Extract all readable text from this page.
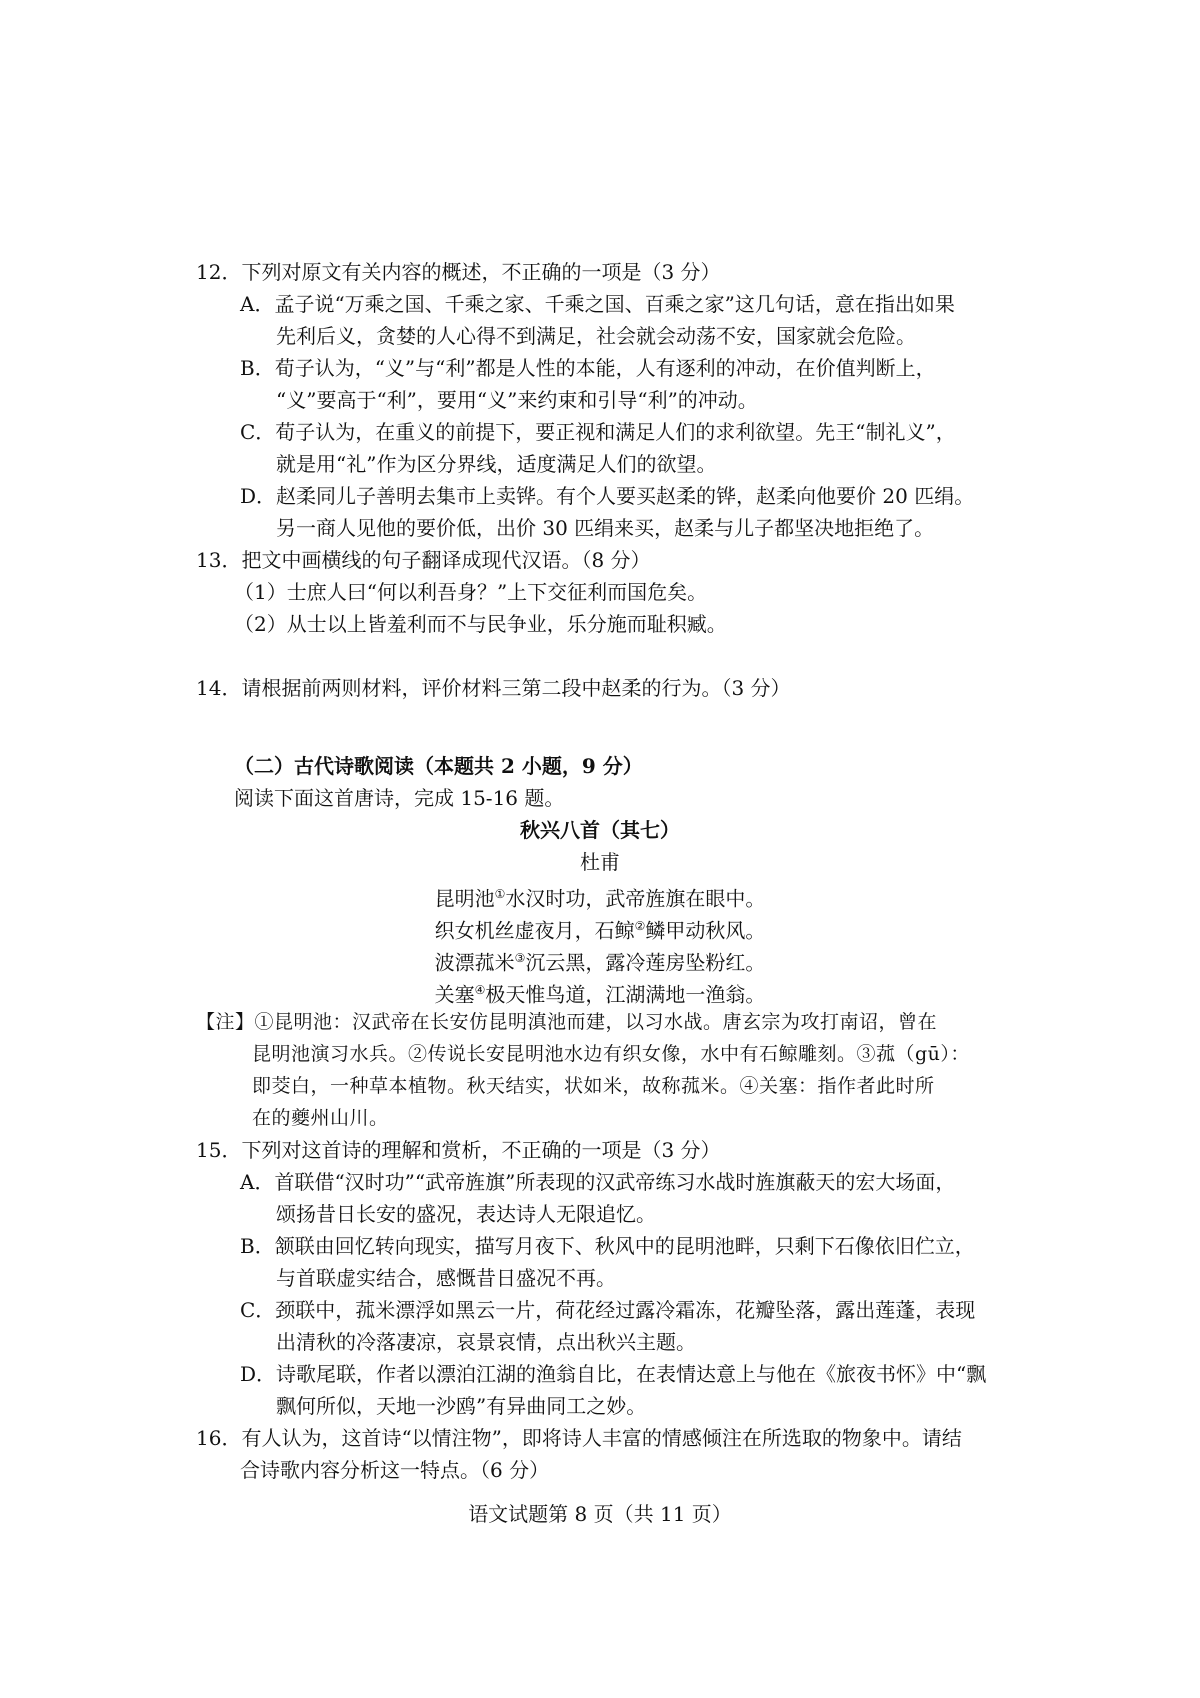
12．下列对原文有关内容的概述，不正确的一项是（3 分）
A．孟子说“万乘之国、千乘之家、千乘之国、百乘之家”这几句话，意在指出如果
先利后义，贪婪的人心得不到满足，社会就会动荡不安，国家就会危险。
B．荀子认为，“义”与“利”都是人性的本能，人有逐利的冲动，在价值判断上，
“义”要高于“利”，要用“义”来约束和引导“利”的冲动。
C．荀子认为，在重义的前提下，要正视和满足人们的求利欲望。先王“制礼义”，
就是用“礼”作为区分界线，适度满足人们的欲望。
D．赵柔同儿子善明去集市上卖铧。有个人要买赵柔的铧，赵柔向他要价 20 匹绢。
另一商人见他的要价低，出价 30 匹绢来买，赵柔与儿子都坚决地拒绝了。
13．把文中画横线的句子翻译成现代汉语。（8 分）
（1）士庶人曰“何以利吾身？”上下交征利而国危矣。
（2）从士以上皆羞利而不与民争业，乐分施而耻积臧。
14．请根据前两则材料，评价材料三第二段中赵柔的行为。（3 分）
（二）古代诗歌阅读（本题共 2 小题，9 分）
阅读下面这首唐诗，完成 15-16 题。
秋兴八首（其七）
杜甫
昆明池①水汉时功，武帝旌旗在眼中。
织女机丝虚夜月，石鲸②鳞甲动秋风。
波漂菰米③沉云黑，露冷莲房坠粉红。
关塞④极天惟鸟道，江湖满地一渔翁。
【注】①昆明池：汉武帝在长安仿昆明滇池而建，以习水战。唐玄宗为攻打南诏，曾在
昆明池演习水兵。②传说长安昆明池水边有织女像，水中有石鲸雕刻。③菰（gū）：
即茭白，一种草本植物。秋天结实，状如米，故称菰米。④关塞：指作者此时所
在的夔州山川。
15．下列对这首诗的理解和赏析，不正确的一项是（3 分）
A．首联借“汉时功”“武帝旌旗”所表现的汉武帝练习水战时旌旗蔽天的宏大场面，
颂扬昔日长安的盛况，表达诗人无限追忆。
B．颔联由回忆转向现实，描写月夜下、秋风中的昆明池畔，只剩下石像依旧伫立，
与首联虚实结合，感慨昔日盛况不再。
C．颈联中，菰米漂浮如黑云一片，荷花经过露冷霜冻，花瓣坠落，露出莲蓬，表现
出清秋的冷落凄凉，哀景哀情，点出秋兴主题。
D．诗歌尾联，作者以漂泊江湖的渔翁自比，在表情达意上与他在《旅夜书怀》中“飘
飘何所似，天地一沙鸥”有异曲同工之妙。
16．有人认为，这首诗“以情注物”，即将诗人丰富的情感倾注在所选取的物象中。请结
合诗歌内容分析这一特点。（6 分）
语文试题第 8 页（共 11 页）
